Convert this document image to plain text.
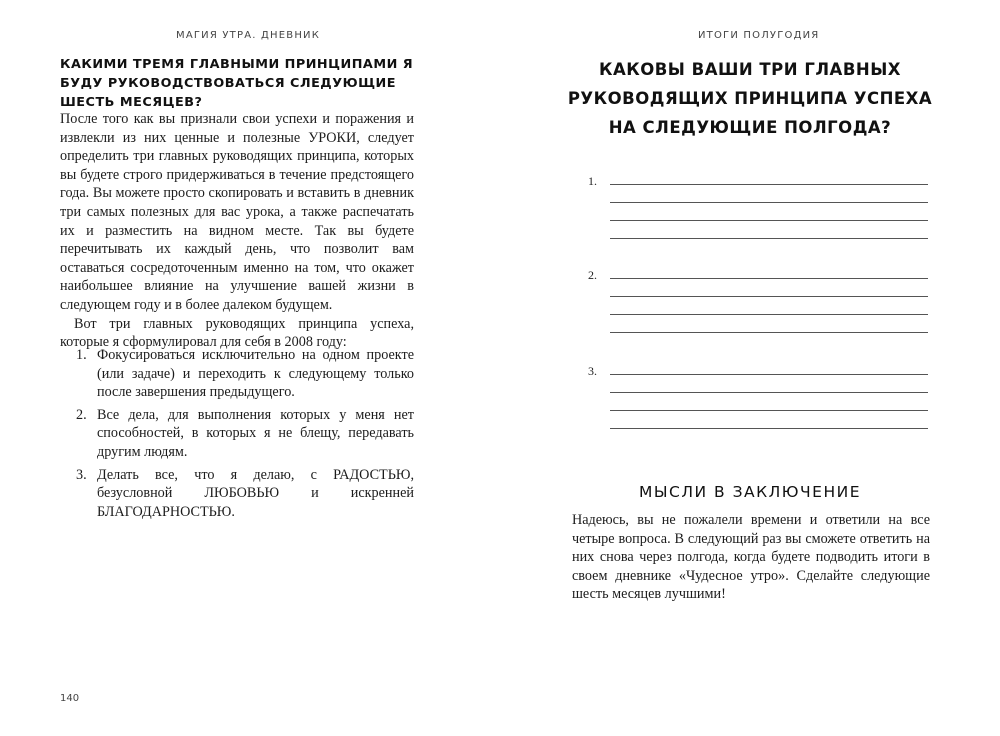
МАГИЯ УТРА. ДНЕВНИК
КАКИМИ ТРЕМЯ ГЛАВНЫМИ ПРИНЦИПАМИ Я БУДУ РУКОВОДСТВОВАТЬСЯ СЛЕДУЮЩИЕ ШЕСТЬ МЕСЯЦЕВ?

После того как вы признали свои успехи и поражения и извлекли из них ценные и полезные УРОКИ, следует определить три главных руководящих принципа, которых вы будете строго придерживаться в течение предстоящего года. Вы можете просто скопировать и вставить в дневник три самых полезных для вас урока, а также распечатать их и разместить на видном месте. Так вы будете перечитывать их каждый день, что позволит вам оставаться сосредоточенным именно на том, что окажет наибольшее влияние на улучшение вашей жизни в следующем году и в более далеком будущем.

Вот три главных руководящих принципа успеха, которые я сформулировал для себя в 2008 году:

1. Фокусироваться исключительно на одном проекте (или задаче) и переходить к следующему только после завершения предыдущего.
2. Все дела, для выполнения которых у меня нет способностей, в которых я не блещу, передавать другим людям.
3. Делать все, что я делаю, с РАДОСТЬЮ, безусловной ЛЮБОВЬЮ и искренней БЛАГОДАРНОСТЬЮ.
140
ИТОГИ ПОЛУГОДИЯ
КАКОВЫ ВАШИ ТРИ ГЛАВНЫХ РУКОВОДЯЩИХ ПРИНЦИПА УСПЕХА НА СЛЕДУЮЩИЕ ПОЛГОДА?
1.
2.
3.
МЫСЛИ В ЗАКЛЮЧЕНИЕ

Надеюсь, вы не пожалели времени и ответили на все четыре вопроса. В следующий раз вы сможете ответить на них снова через полгода, когда будете подводить итоги в своем дневнике «Чудесное утро». Сделайте следующие шесть месяцев лучшими!
